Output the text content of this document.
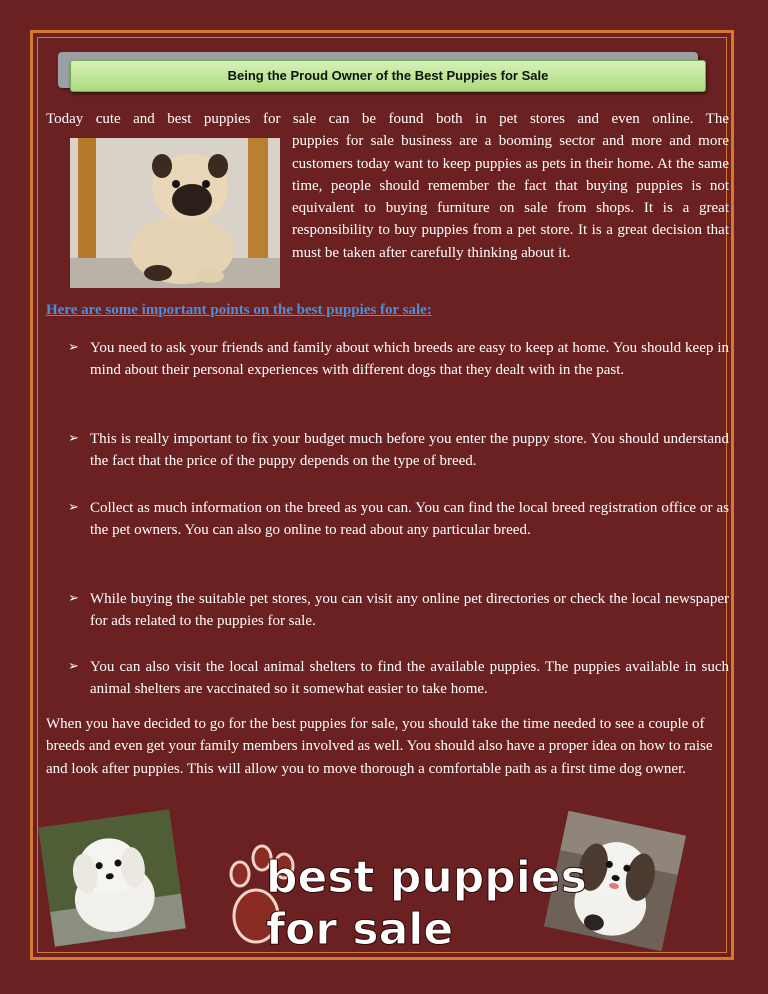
Being the Proud Owner of the Best Puppies for Sale
Today cute and best puppies for sale can be found both in pet stores and even online. The
puppies for sale business are a booming sector and more and more customers today want to keep puppies as pets in their home. At the same time, people should remember the fact that buying puppies is not equivalent to buying furniture on sale from shops. It is a great responsibility to buy puppies from a pet store. It is a great decision that must be taken after carefully thinking about it.
Here are some important points on the best puppies for sale:
➢ You need to ask your friends and family about which breeds are easy to keep at home. You should keep in mind about their personal experiences with different dogs that they dealt with in the past.
➢ This is really important to fix your budget much before you enter the puppy store. You should understand the fact that the price of the puppy depends on the type of breed.
➢ Collect as much information on the breed as you can. You can find the local breed registration office or as the pet owners. You can also go online to read about any particular breed.
➢ While buying the suitable pet stores, you can visit any online pet directories or check the local newspaper for ads related to the puppies for sale.
➢ You can also visit the local animal shelters to find the available puppies. The puppies available in such animal shelters are vaccinated so it somewhat easier to take home.
When you have decided to go for the best puppies for sale, you should take the time needed to see a couple of breeds and even get your family members involved as well. You should also have a proper idea on how to raise and look after puppies. This will allow you to move thorough a comfortable path as a first time dog owner.
best puppies
for sale
